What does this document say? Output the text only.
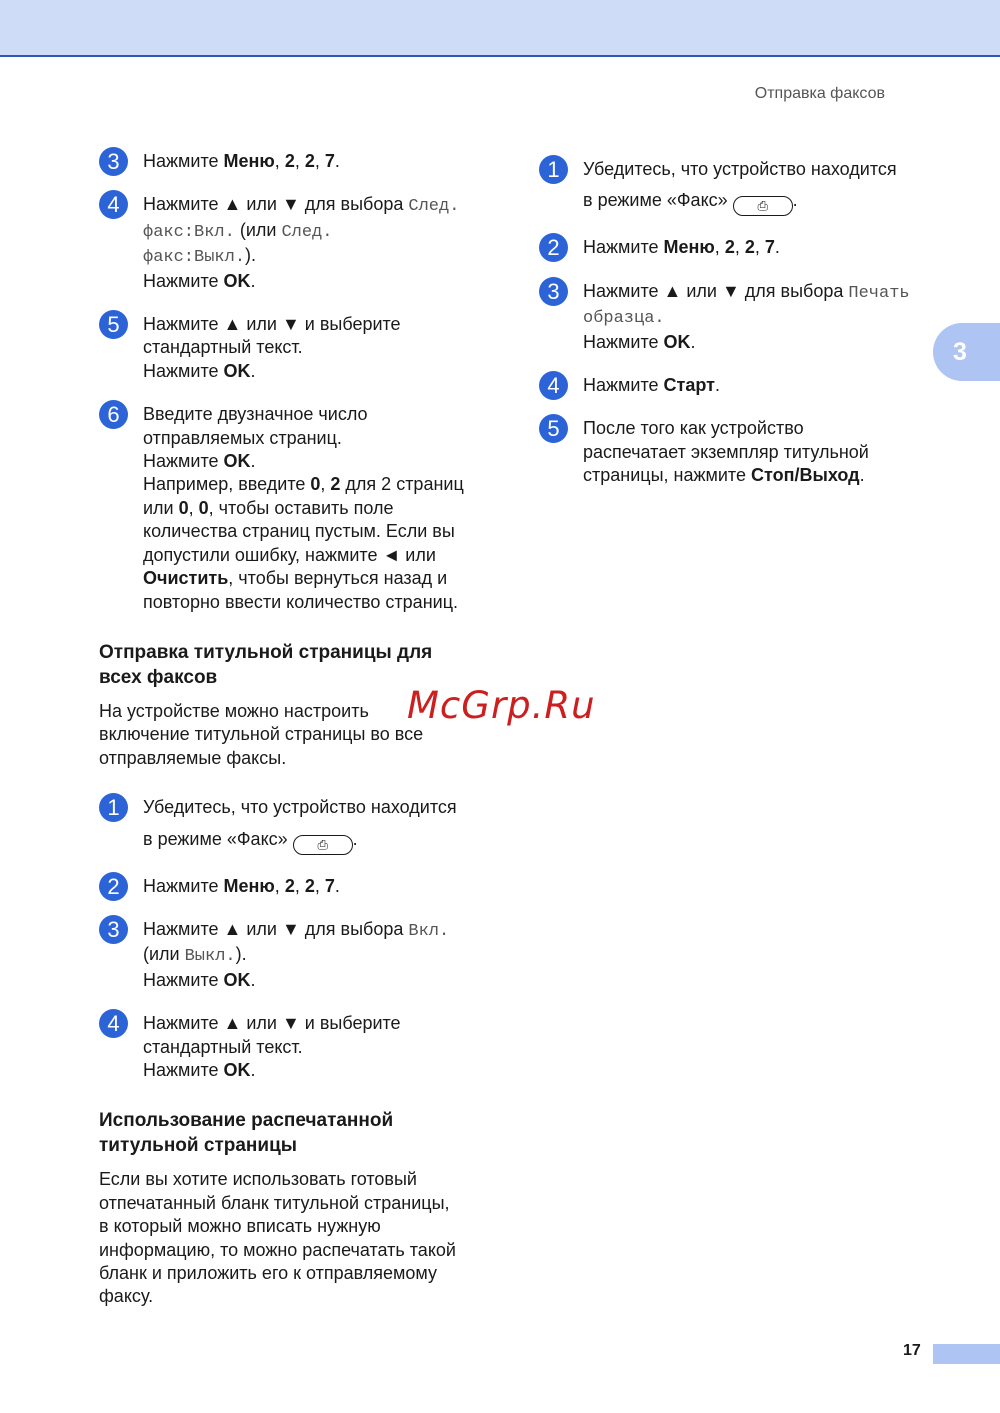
Отправка факсов
3
3	Нажмите Меню, 2, 2, 7.
4	Нажмите ▲ или ▼ для выбора След.
факс:Вкл. (или След.
факс:Выкл.).
Нажмите OK.
5	Нажмите ▲ или ▼ и выберите
стандартный текст.
Нажмите OK.
6	Введите двузначное число
отправляемых страниц.
Нажмите OK.
Например, введите 0, 2 для 2 страниц
или 0, 0, чтобы оставить поле
количества страниц пустым. Если вы
допустили ошибку, нажмите ◄ или
Очистить, чтобы вернуться назад и
повторно ввести количество страниц.
Отправка титульной страницы для
всех факсов
На устройстве можно настроить
включение титульной страницы во все
отправляемые факсы.
1	Убедитесь, что устройство находится

в режиме «Факс» ⎙ .
2	Нажмите Меню, 2, 2, 7.
3	Нажмите ▲ или ▼ для выбора Вкл.
(или Выкл.).
Нажмите OK.
4	Нажмите ▲ или ▼ и выберите
стандартный текст.
Нажмите OK.
Использование распечатанной
титульной страницы
Если вы хотите использовать готовый
отпечатанный бланк титульной страницы,
в который можно вписать нужную
информацию, то можно распечатать такой
бланк и приложить его к отправляемому
факсу.
1	Убедитесь, что устройство находится

в режиме «Факс» ⎙ .
2	Нажмите Меню, 2, 2, 7.
3	Нажмите ▲ или ▼ для выбора Печать
образца.
Нажмите OK.
4	Нажмите Старт.
5	После того как устройство
распечатает экземпляр титульной
страницы, нажмите Стоп/Выход.
McGrp.Ru
17
